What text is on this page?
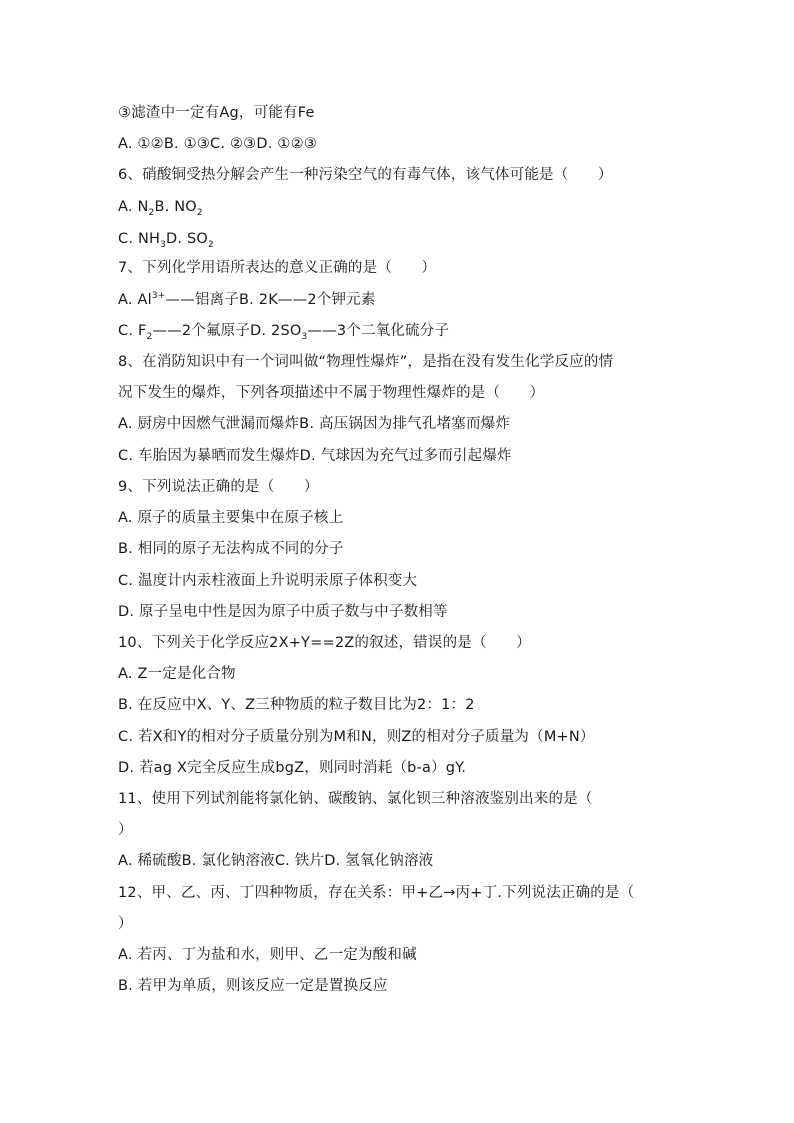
③滤渣中一定有Ag，可能有Fe
A. ①②B. ①③C. ②③D. ①②③
6、硝酸铜受热分解会产生一种污染空气的有毒气体，该气体可能是（　　）
A. $N_2B$. $NO_2$
C. $NH_3D$. $SO_2$
7、下列化学用语所表达的意义正确的是（　　）
A. $Al^{3+}——$铝离子B. 2K——2个钾元素
C. $F_2——2$个氟原子D. $2SO_3——3$个二氧化硫分子
8、在消防知识中有一个词叫做“物理性爆炸”，是指在没有发生化学反应的情
况下发生的爆炸，下列各项描述中不属于物理性爆炸的是（　　）
A. 厨房中因燃气泄漏而爆炸B. 高压锅因为排气孔堵塞而爆炸
C. 车胎因为暴晒而发生爆炸D. 气球因为充气过多而引起爆炸
9、下列说法正确的是（　　）
A. 原子的质量主要集中在原子核上
B. 相同的原子无法构成不同的分子
C. 温度计内汞柱液面上升说明汞原子体积变大
D. 原子呈电中性是因为原子中质子数与中子数相等
10、下列关于化学反应2X+Y==2Z的叙述，错误的是（　　）
A. Z一定是化合物
B. 在反应中X、Y、Z三种物质的粒子数目比为2：1：2
C. 若X和Y的相对分子质量分别为M和N，则Z的相对分子质量为（M+N）
D. 若ag X完全反应生成bgZ，则同时消耗（b-a）gY.
11、使用下列试剂能将氯化钠、碳酸钠、氯化钡三种溶液鉴别出来的是（
）
A. 稀硫酸B. 氯化钠溶液C. 铁片D. 氢氧化钠溶液
12、甲、乙、丙、丁四种物质，存在关系：甲+乙→丙+丁.下列说法正确的是（
）
A. 若丙、丁为盐和水，则甲、乙一定为酸和碱
B. 若甲为单质，则该反应一定是置换反应
